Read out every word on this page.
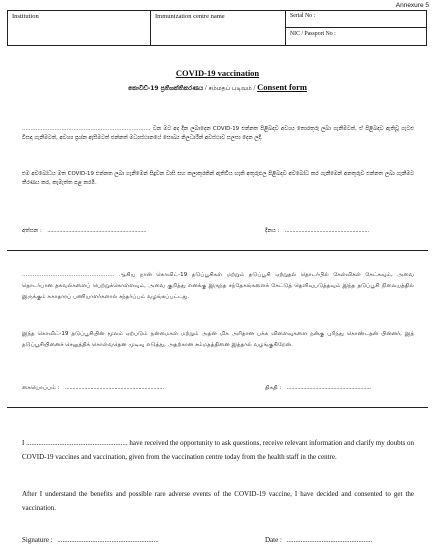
Annexure 5
Institution	Immunization centre name	Serial No :
NIC / Passport No :
COVID-19 vaccination
කොවිඩ්-19 ප්‍රතිශක්තිකරණය / சம்மதப் படிவம் / Consent form
........................................................................... වන මට අද දින ලබාදෙන COVID-19 එන්නත පිළිබඳව අවශ්‍ය තොරතුරු ලබා ගැනීමටත්, ඒ පිළිබඳව ඇතිවූ ගැටළු විසඳා ගැනීමටත්, අවශ්‍ය ප්‍රශ්න ඇසීමටත් එන්නත් මධ්‍යස්ථානයේ සෞඛ්‍ය නිලධාරීන් අවස්ථාව සලසා දෙන ලදී.
එම අවබෝධය මත COVID-19 එන්නත ලබා ගැනීමෙන් සිදුවන වාසි සහ කලාතුරකින් ඇතිවිය හැකි අතුරුඵල පිළිබඳව අවබෝධ කර ගැනීමෙන් අනතුරුව එන්නත ලබා ගැනීමට තීරණය කර, කැමැත්ත පළ කරමි.
අත්සන : ..................................................................	දිනය : ........................................................
.................................................... ஆகிய நான் கொவிட்-19 தடுப்பூசிகள் மற்றும் தடுப்பூசி ஏற்றுதல் தொடர்பில் கேள்விகள் கேட்கவும், அவை தொடர்பான தகவல்களைப் பெற்றுக்கொள்ளவும், அவை குறித்து எனக்கு இருந்த சந்தேகங்களைக் கேட்டுத் தெளிவுபடுத்தவும் இந்த தடுப்பூசி நிலையத்தில் இருக்கும் சுகாதாரப் பணியாளர்களால் சந்தர்ப்பம் வழங்கப்பட்டது.
இந்த கொவிட்-19 தடுப்பூசியின் மூலம் ஏற்படும் நன்மைகள் மற்றும் அதன் மிக அரிதான பக்க விளைவுகளை நன்கு புரிந்து கொண்டதன் பின்னர், இத் தடுப்பூசியினைச் செலுத்திக் கொள்வதென முடிவு எடுத்து, அதற்கான சம்மதத்தினை இத்தால் வழங்குகிறேன்.
கையொப்பம் : ..................................................................	திகதி : ........................................................
I .......................................................... have received the opportunity to ask questions, receive relevant information and clarify my doubts on COVID-19 vaccines and vaccination, given from the vaccination centre today from the health staff in the centre.
After I understand the benefits and possible rare adverse events of the COVID-19 vaccine, I have decided and consented to get the vaccination.
Signature : ..........................................................	Date : .................................................
